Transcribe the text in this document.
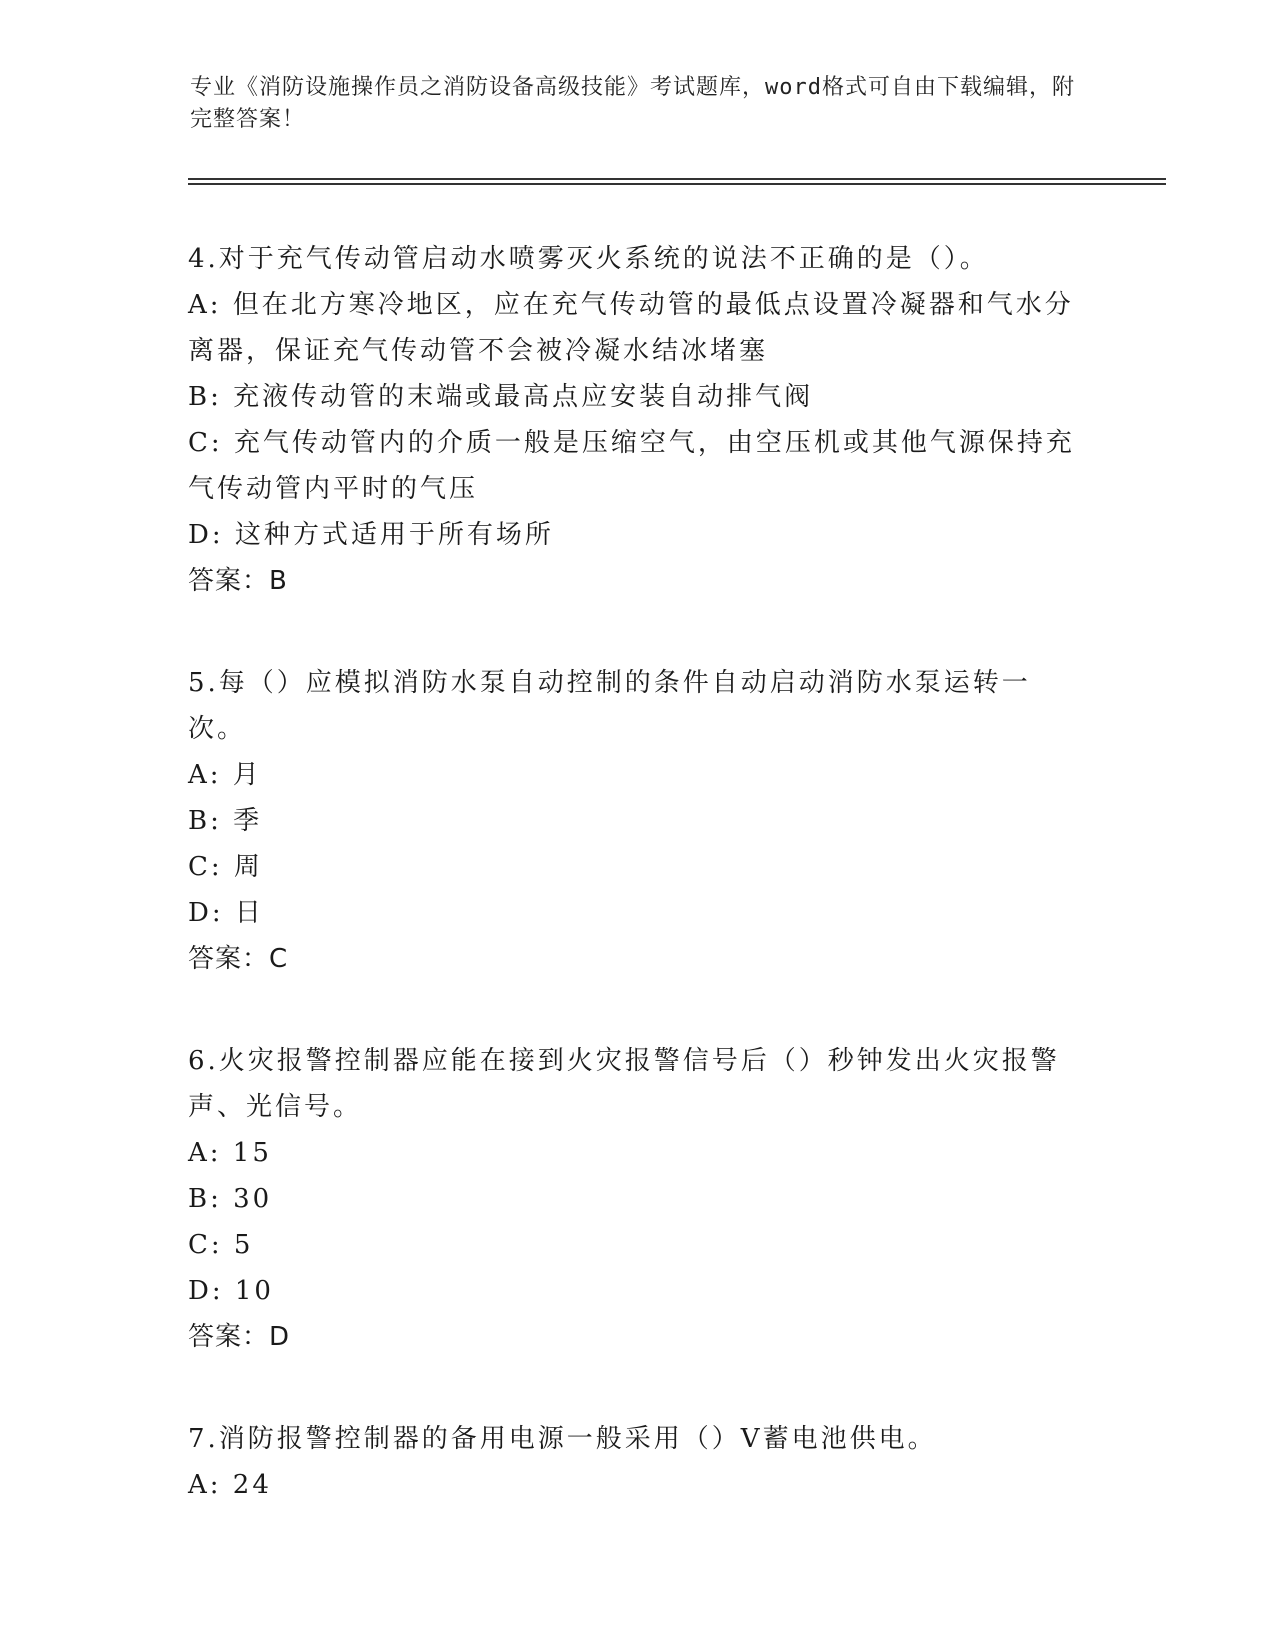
专业《消防设施操作员之消防设备高级技能》考试题库，word格式可自由下载编辑，附完整答案！
4.对于充气传动管启动水喷雾灭火系统的说法不正确的是（）。
A: 但在北方寒冷地区，应在充气传动管的最低点设置冷凝器和气水分离器，保证充气传动管不会被冷凝水结冰堵塞
B: 充液传动管的末端或最高点应安装自动排气阀
C: 充气传动管内的介质一般是压缩空气，由空压机或其他气源保持充气传动管内平时的气压
D: 这种方式适用于所有场所
答案：B
5.每（）应模拟消防水泵自动控制的条件自动启动消防水泵运转一次。
A: 月
B: 季
C: 周
D: 日
答案：C
6.火灾报警控制器应能在接到火灾报警信号后（）秒钟发出火灾报警声、光信号。
A: 15
B: 30
C: 5
D: 10
答案：D
7.消防报警控制器的备用电源一般采用（）V蓄电池供电。
A: 24
